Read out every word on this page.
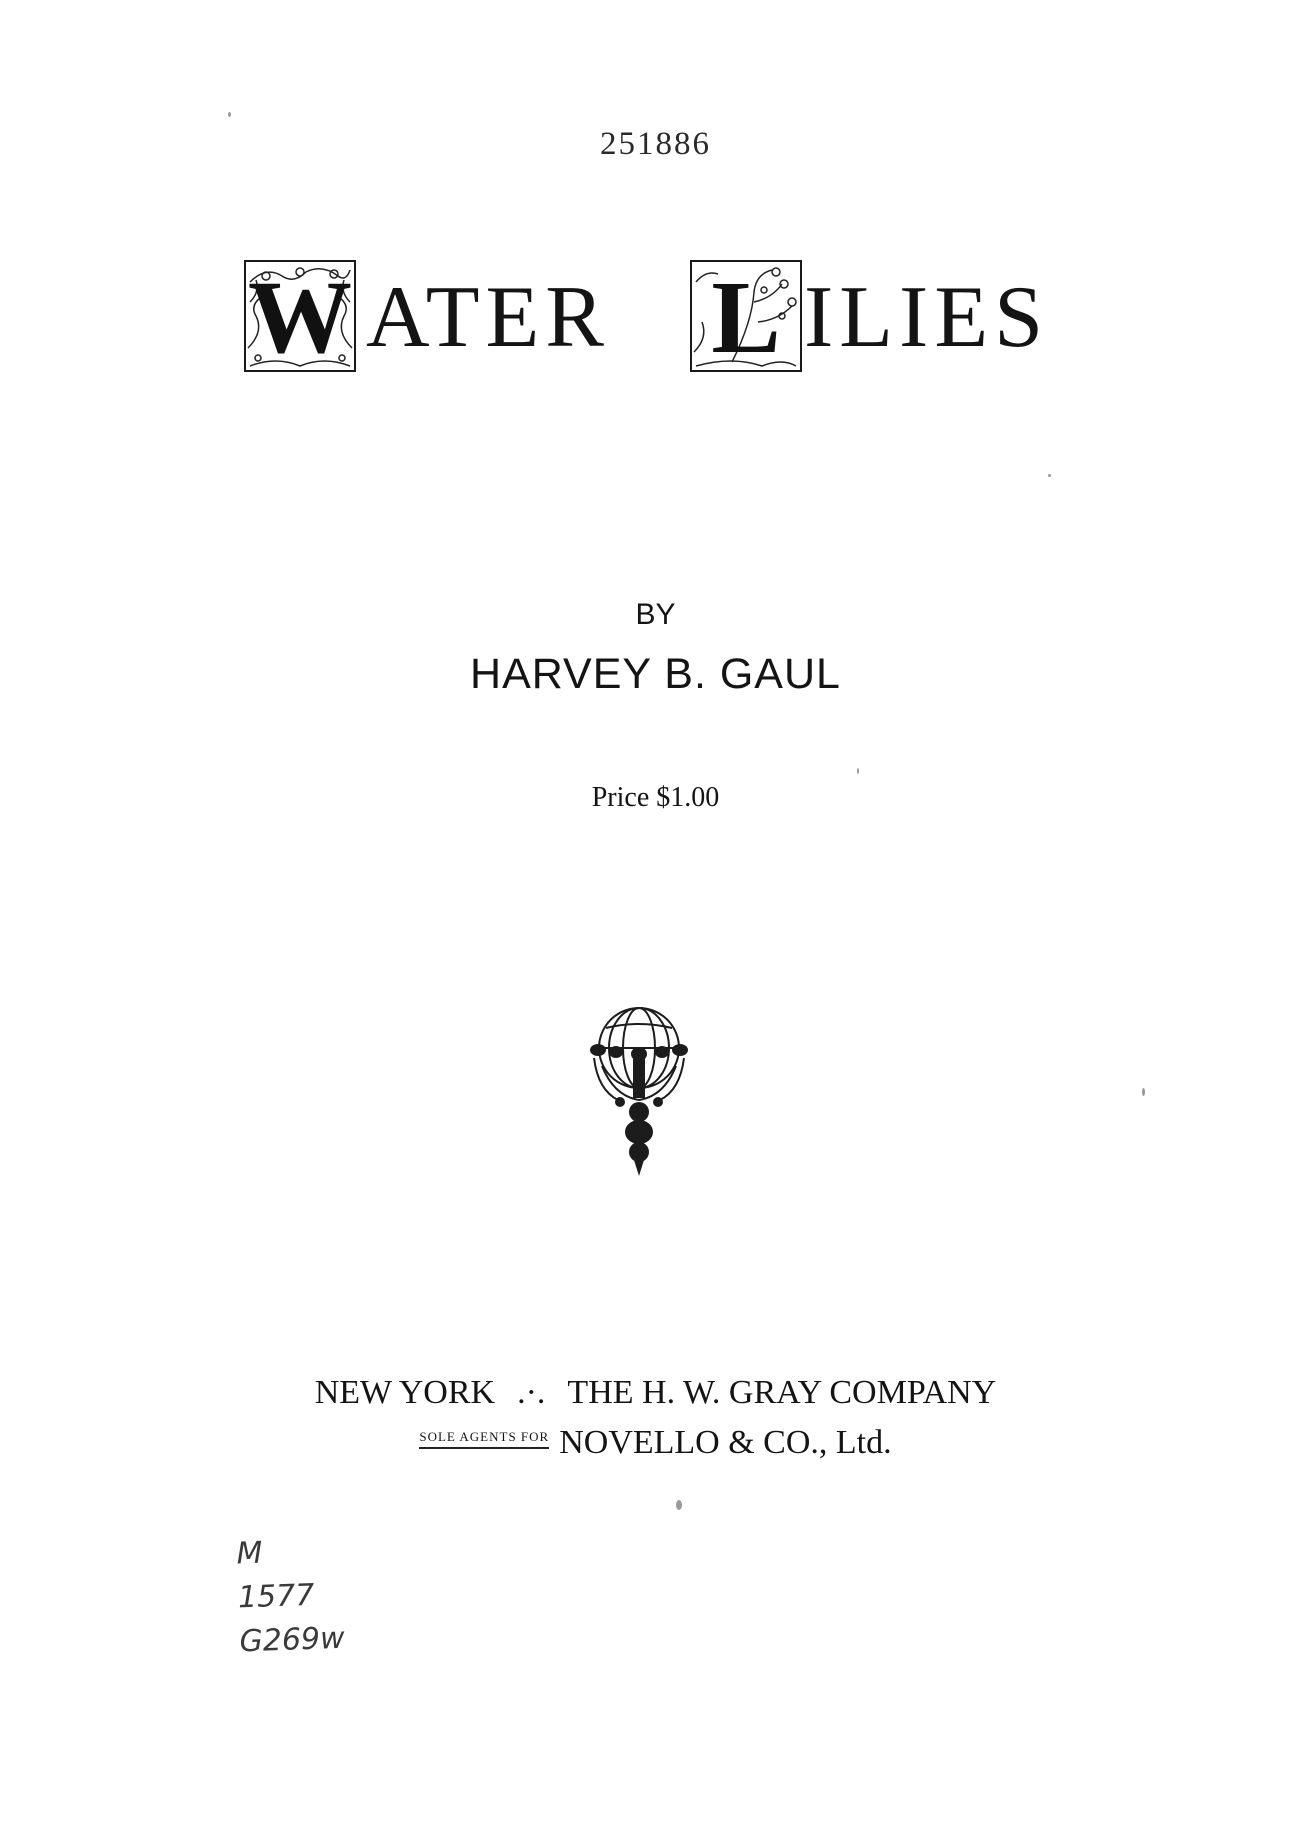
251886
W ATER L ILIES
BY
HARVEY B. GAUL
Price $1.00
NEW YORK .·. THE H. W. GRAY COMPANY
SOLE AGENTS FOR NOVELLO & CO., Ltd.
M
1577
G269w
